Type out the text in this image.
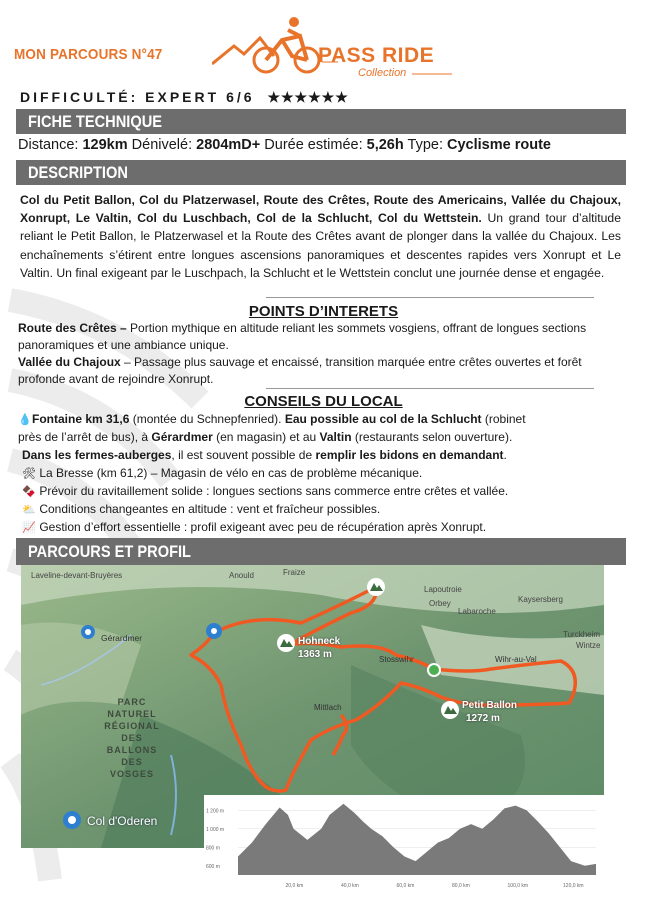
MON PARCOURS N°47	PASS RIDE
Collection
DIFFICULTÉ: EXPERT 6/6 ★★★★★★
FICHE TECHNIQUE
Distance: 129km Dénivelé: 2804mD+ Durée estimée: 5,26h Type: Cyclisme route
DESCRIPTION
Col du Petit Ballon, Col du Platzerwasel, Route des Crêtes, Route des Americains, Vallée du Chajoux, Xonrupt, Le Valtin, Col du Luschbach, Col de la Schlucht, Col du Wettstein. Un grand tour d’altitude reliant le Petit Ballon, le Platzerwasel et la Route des Crêtes avant de plonger dans la vallée du Chajoux. Les enchaînements s’étirent entre longues ascensions panoramiques et descentes rapides vers Xonrupt et Le Valtin. Un final exigeant par le Luschpach, la Schlucht et le Wettstein conclut une journée dense et engagée.
POINTS D’INTERETS
Route des Crêtes – Portion mythique en altitude reliant les sommets vosgiens, offrant de longues sections panoramiques et une ambiance unique.
Vallée du Chajoux – Passage plus sauvage et encaissé, transition marquée entre crêtes ouvertes et forêt profonde avant de rejoindre Xonrupt.
CONSEILS DU LOCAL
💧Fontaine km 31,6 (montée du Schnepfenried). Eau possible au col de la Schlucht (robinet
près de l’arrêt de bus), à Gérardmer (en magasin) et au Valtin (restaurants selon ouverture).
Dans les fermes-auberges, il est souvent possible de remplir les bidons en demandant.
🛠 La Bresse (km 61,2) – Magasin de vélo en cas de problème mécanique.
🍫 Prévoir du ravitaillement solide : longues sections sans commerce entre crêtes et vallée.
⛅ Conditions changeantes en altitude : vent et fraîcheur possibles.
📈 Gestion d’effort essentielle : profil exigeant avec peu de récupération après Xonrupt.
PARCOURS ET PROFIL
Laveline-devant-Bruyères	Anould	Fraize
Lapoutroie
Orbey	Kaysersberg
Labaroche
Gérardmer	Turckheim
Wintze
Stosswihr	Wihr-au-Val
Mittlach
Hohneck
1363 m
Petit Ballon
1272 m
PARC
NATUREL
RÉGIONAL
DES
BALLONS
DES
VOSGES
Col d'Oderen
1 200 m
1 000 m
800 m
600 m
20,0 km	40,0 km	60,0 km	80,0 km	100,0 km	120,0 km
